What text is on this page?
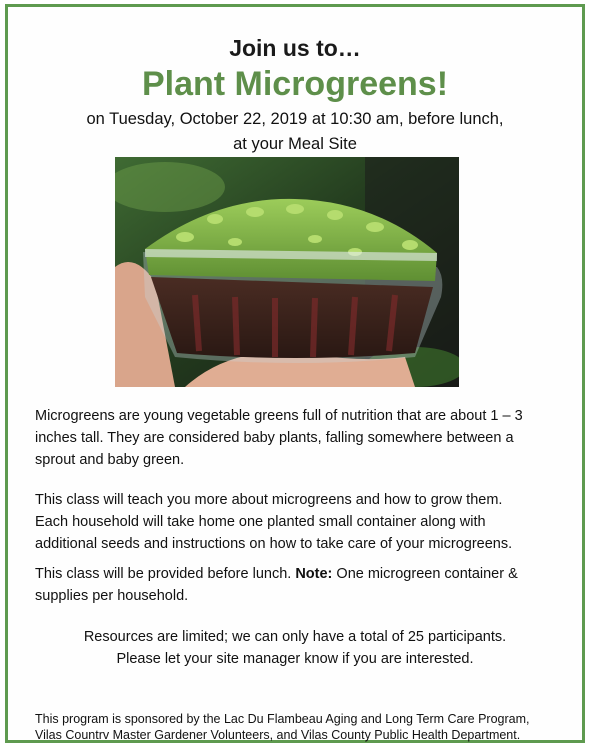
Join us to…
Plant Microgreens!
on Tuesday, October 22, 2019 at 10:30 am, before lunch,
at your Meal Site
Microgreens are young vegetable greens full of nutrition that are about 1 – 3
inches tall. They are considered baby plants, falling somewhere between a
sprout and baby green.
This class will teach you more about microgreens and how to grow them.
Each household will take home one planted small container along with
additional seeds and instructions on how to take care of your microgreens.
This class will be provided before lunch. Note: One microgreen container &
supplies per household.
Resources are limited; we can only have a total of 25 participants.
Please let your site manager know if you are interested.
This program is sponsored by the Lac Du Flambeau Aging and Long Term Care Program,
Vilas Countrv Master Gardener Volunteers, and Vilas County Public Health Department.
